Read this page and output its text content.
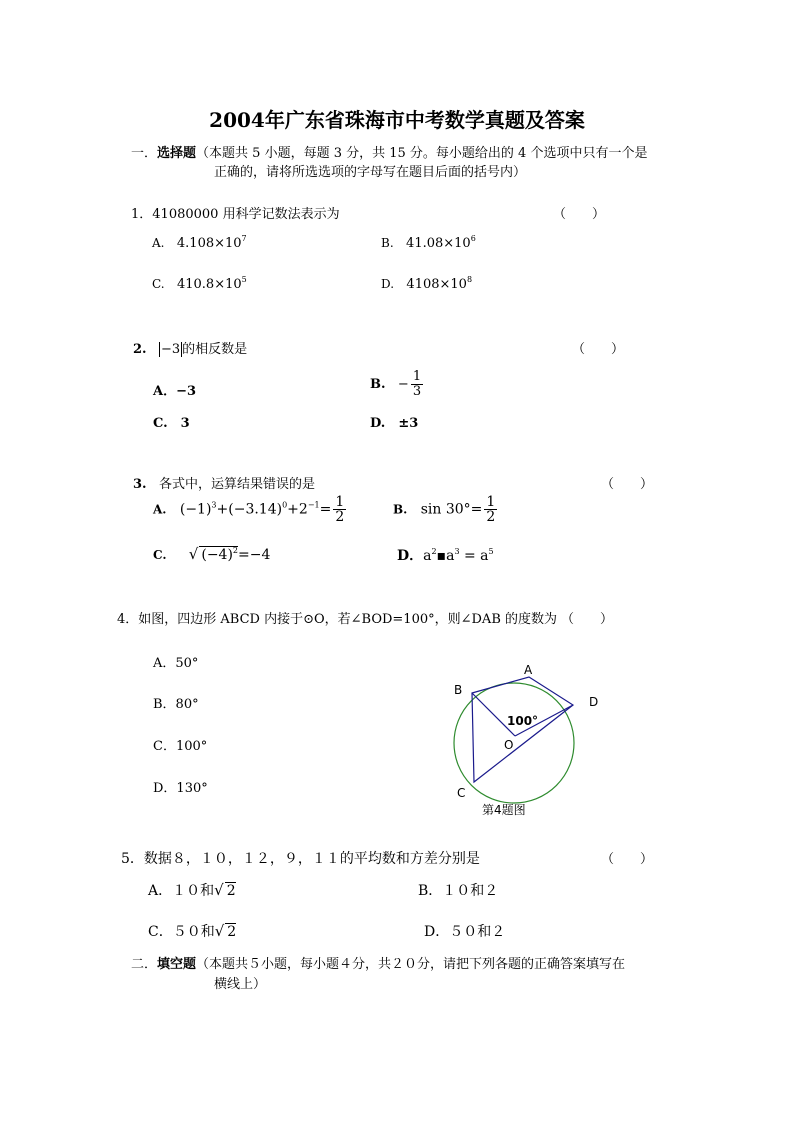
2004年广东省珠海市中考数学真题及答案
一．选择题（本题共 5 小题，每题 3 分，共 15 分。每小题给出的 4 个选项中只有一个是
正确的，请将所选选项的字母写在题目后面的括号内）
1．41080000 用科学记数法表示为	（　　）
A. $4.108\times 10^7$	B. $41.08\times 10^6$
C. $410.8\times 10^5$	D. $4108\times 10^8$
2. −3 的相反数是	（　　）
A．−3	B. − $\frac{1}{3}$
C.　3	D.　±3
3. 各式中，运算结果错误的是	（　　）
A. $(-1)^3+(-3.14)^0+2^{-1}= \frac{1}{2}$	B. $\sin 30^\circ= \frac{1}{2}$
C. √ $(-4)^2=-4$	D．$a^2▪a^3 = a^5$
4．如图，四边形 ABCD 内接于⊙O，若∠BOD=100°，则∠DAB 的度数为 （　　）
A．50°
B．80°
C．100°
D．130°
A
B
C
D
O
100°
第4题图
5．数据８，１０，１２，９，１１的平均数和方差分别是	（　　）
A．１０和√ 2	B．１０和２
C．５０和√ 2	D．５０和２
二．填空题（本题共５小题，每小题４分，共２０分，请把下列各题的正确答案填写在
横线上）
